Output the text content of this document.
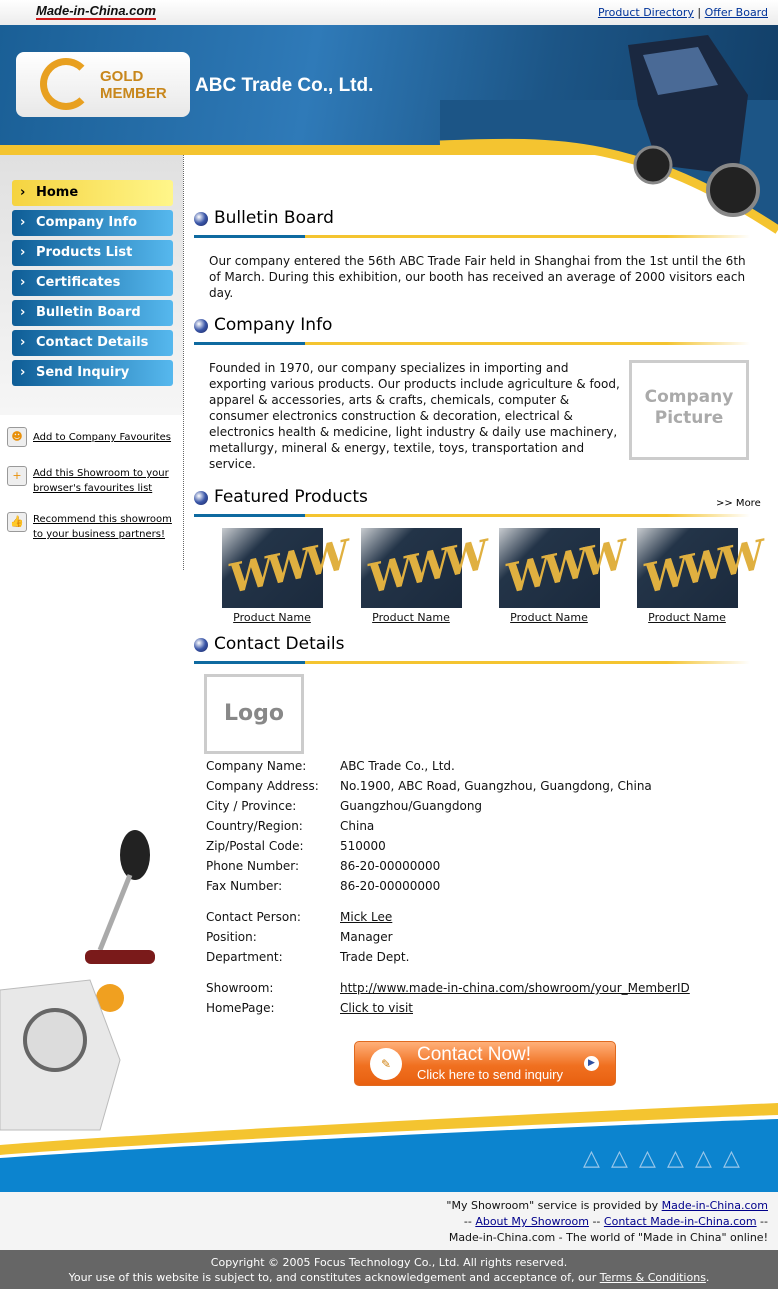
Made-in-China.com	Product Directory | Offer Board
GOLD
MEMBER ABC Trade Co., Ltd.
› Home
› Company Info
› Products List
› Certificates
› Bulletin Board
› Contact Details
› Send Inquiry
☻	Add to Company Favourites
+	Add this Showroom to your browser's favourites list
👍 Recommend this showroom to your business partners!
Bulletin Board
Our company entered the 56th ABC Trade Fair held in Shanghai from the 1st until the 6th of March. During this exhibition, our booth has received an average of 2000 visitors each day.
Company Info
Founded in 1970, our company specializes in importing and exporting various products. Our products include agriculture & food, apparel & accessories, arts & crafts, chemicals, computer & consumer electronics construction & decoration, electrical & electronics health & medicine, light industry & daily use machinery, metallurgy, mineral & energy, textile, toys, transportation and service.
Company Picture
Featured Products	>> More
WWW
Product Name
WWW
Product Name
WWW
Product Name
WWW
Product Name
Contact Details
Logo
Company Name:	ABC Trade Co., Ltd.
Company Address:	No.1900, ABC Road, Guangzhou, Guangdong, China
City / Province:	Guangzhou/Guangdong
Country/Region:	China
Zip/Postal Code:	510000
Phone Number:	86-20-00000000
Fax Number:	86-20-00000000
Contact Person:	Mick Lee
Position:	Manager
Department:	Trade Dept.
Showroom:	http://www.made-in-china.com/showroom/your_MemberID
HomePage:	Click to visit
△ △ △ △ △ △
✎	Contact Now!
Click here to send inquiry
▶
"My Showroom" service is provided by Made-in-China.com
-- About My Showroom -- Contact Made-in-China.com --
Made-in-China.com - The world of "Made in China" online!
Copyright © 2005 Focus Technology Co., Ltd. All rights reserved.
Your use of this website is subject to, and constitutes acknowledgement and acceptance of, our Terms & Conditions.
